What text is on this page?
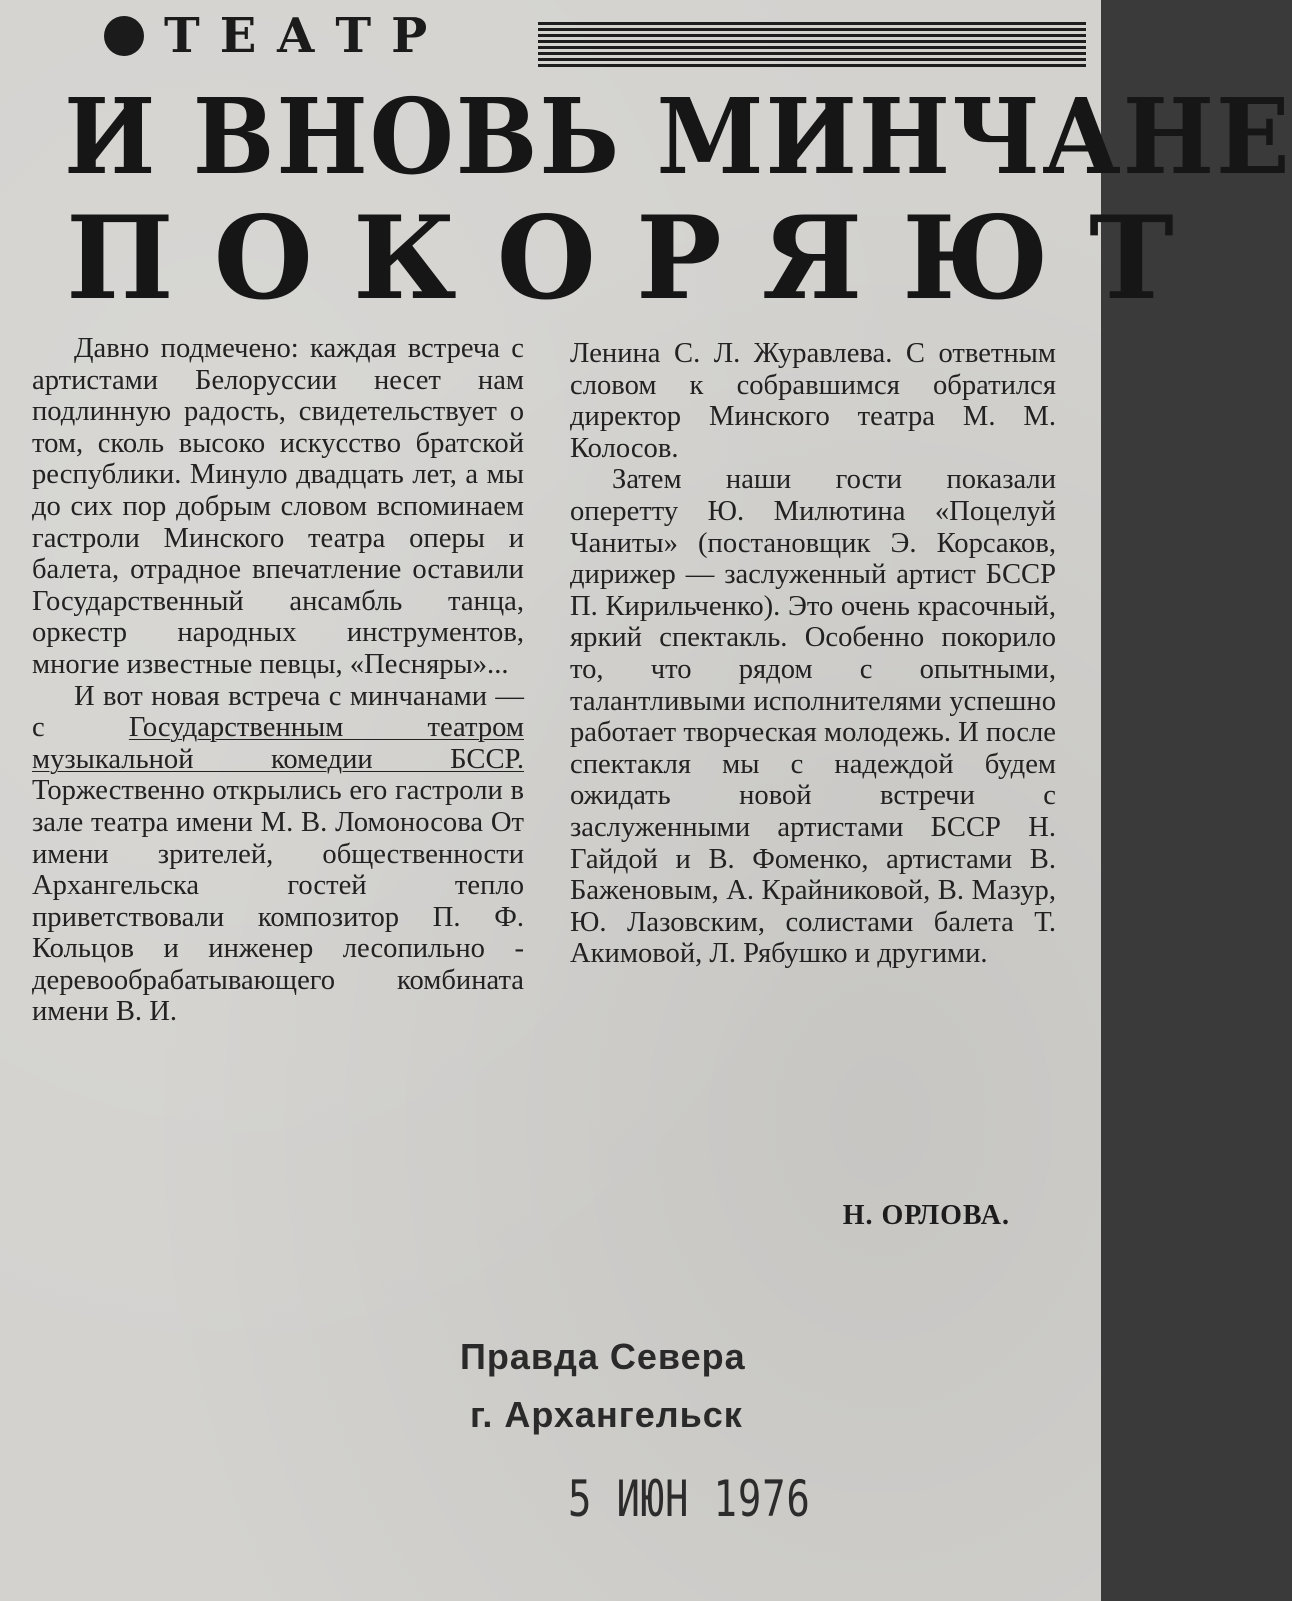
ТЕАТР
И ВНОВЬ МИНЧАНЕ
ПОКОРЯЮТ

Давно подмечено: каждая встреча с артистами Белоруссии несет нам подлинную радость, свидетельствует о том, сколь высоко искусство братской республики. Минуло двадцать лет, а мы до сих пор добрым словом вспоминаем гастроли Минского театра оперы и балета, отрадное впечатление оставили Государственный ансамбль танца, оркестр народных инструментов, многие известные певцы, «Песняры»...

И вот новая встреча с минчанами — с Государственным театром музыкальной комедии БССР. Торжественно открылись его гастроли в зале театра имени М. В. Ломоносова От имени зрителей, общественности Архангельска гостей тепло приветствовали композитор П. Ф. Кольцов и инженер лесопильно - деревообрабатывающего комбината имени В. И.

Ленина С. Л. Журавлева. С ответным словом к собравшимся обратился директор Минского театра М. М. Колосов.

Затем наши гости показали оперетту Ю. Милютина «Поцелуй Чаниты» (постановщик Э. Корсаков, дирижер — заслуженный артист БССР П. Кирильченко). Это очень красочный, яркий спектакль. Особенно покорило то, что рядом с опытными, талантливыми исполнителями успешно работает творческая молодежь. И после спектакля мы с надеждой будем ожидать новой встречи с заслуженными артистами БССР Н. Гайдой и В. Фоменко, артистами В. Баженовым, А. Крайниковой, В. Мазур, Ю. Лазовским, солистами балета Т. Акимовой, Л. Рябушко и другими.

Н. ОРЛОВА.
Правда Севера
г. Архангельск
5 ИЮН 1976
